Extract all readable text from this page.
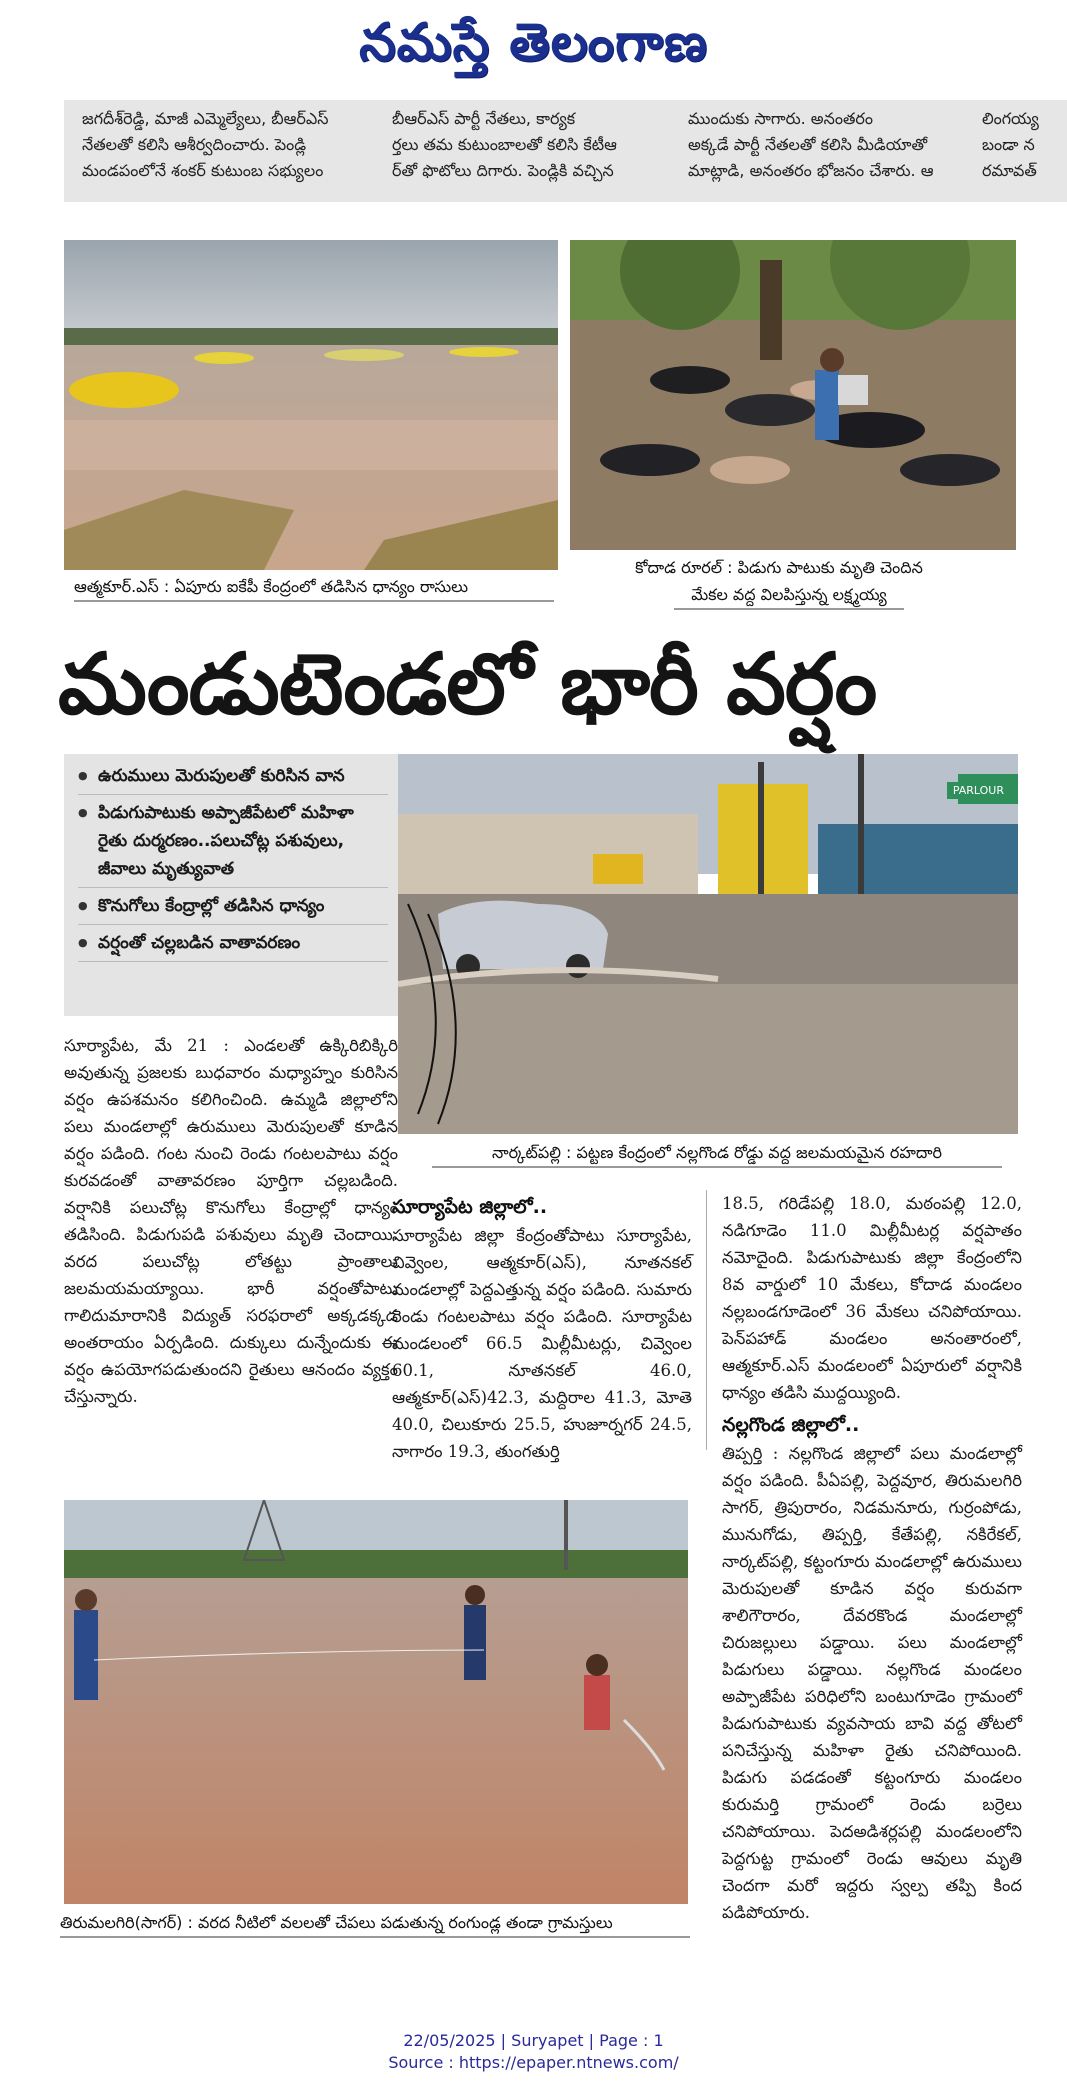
నమస్తే తెలంగాణ

జగదీశ్‌రెడ్డి, మాజీ ఎమ్మెల్యేలు, బీఆర్‌ఎస్

నేతలతో కలిసి ఆశీర్వదించారు. పెండ్లి

మండపంలోనే శంకర్ కుటుంబ సభ్యులం

బీఆర్‌ఎస్ పార్టీ నేతలు, కార్యక

ర్తలు తమ కుటుంబాలతో కలిసి కేటీఆ

ర్‌తో ఫొటోలు దిగారు. పెండ్లికి వచ్చిన

ముందుకు సాగారు. అనంతరం

అక్కడే పార్టీ నేతలతో కలిసి మీడియాతో

మాట్లాడి, అనంతరం భోజనం చేశారు. ఆ

లింగయ్య

బండా న

రమావత్

ఆత్మకూర్.ఎస్ : ఏపూరు ఐకేపీ కేంద్రంలో తడిసిన ధాన్యం రాసులు
కోదాడ రూరల్ : పిడుగు పాటుకు మృతి చెందిన
మేకల వద్ద విలపిస్తున్న లక్ష్మయ్య
మండుటెండలో భారీ వర్షం
● ఉరుములు మెరుపులతో కురిసిన వాన
● పిడుగుపాటుకు అప్పాజీపేటలో మహిళా రైతు దుర్మరణం..పలుచోట్ల పశువులు, జీవాలు మృత్యువాత
● కొనుగోలు కేంద్రాల్లో తడిసిన ధాన్యం
● వర్షంతో చల్లబడిన వాతావరణం
PARLOUR
నార్కట్‌పల్లి : పట్టణ కేంద్రంలో నల్లగొండ రోడ్డు వద్ద జలమయమైన రహదారి

సూర్యాపేట, మే 21 : ఎండలతో ఉక్కిరిబిక్కిరి అవుతున్న ప్రజలకు బుధవారం మధ్యాహ్నం కురిసిన వర్షం ఉపశమనం కలిగించింది. ఉమ్మడి జిల్లాలోని పలు మండలాల్లో ఉరుములు మెరుపులతో కూడిన వర్షం పడింది. గంట నుంచి రెండు గంటలపాటు వర్షం కురవడంతో వాతావరణం పూర్తిగా చల్లబడింది. వర్షానికి పలుచోట్ల కొనుగోలు కేంద్రాల్లో ధాన్యం తడిసింది. పిడుగుపడి పశువులు మృతి చెందాయి. వరద పలుచోట్ల లోతట్టు ప్రాంతాలు జలమయమయ్యాయి. భారీ వర్షంతోపాటు గాలిదుమారానికి విద్యుత్ సరఫరాలో అక్కడక్కడ అంతరాయం ఏర్పడింది. దుక్కులు దున్నేందుకు ఈ వర్షం ఉపయోగపడుతుందని రైతులు ఆనందం వ్యక్తం చేస్తున్నారు.

సూర్యాపేట జిల్లాలో..

సూర్యాపేట జిల్లా కేంద్రంతోపాటు సూర్యాపేట, చివ్వెంల, ఆత్మకూర్(ఎస్), నూతనకల్ మండలాల్లో పెద్దఎత్తున్న వర్షం పడింది. సుమారు రెండు గంటలపాటు వర్షం పడింది. సూర్యాపేట మండలంలో 66.5 మిల్లీమీటర్లు, చివ్వెంల 60.1, నూతనకల్ 46.0, ఆత్మకూర్(ఎస్)42.3, మద్దిరాల 41.3, మోతె 40.0, చిలుకూరు 25.5, హుజూర్నగర్ 24.5, నాగారం 19.3, తుంగతుర్తి

18.5, గరిడేపల్లి 18.0, మఠంపల్లి 12.0, నడిగూడెం 11.0 మిల్లీమీటర్ల వర్షపాతం నమోదైంది. పిడుగుపాటుకు జిల్లా కేంద్రంలోని 8వ వార్డులో 10 మేకలు, కోదాడ మండలం నల్లబండగూడెంలో 36 మేకలు చనిపోయాయి. పెన్‌పహాడ్ మండలం అనంతారంలో, ఆత్మకూర్.ఎస్ మండలంలో ఏపూరులో వర్షానికి ధాన్యం తడిసి ముద్దయ్యింది.

నల్లగొండ జిల్లాలో..

తిప్పర్తి : నల్లగొండ జిల్లాలో పలు మండలాల్లో వర్షం పడింది. పీఏపల్లి, పెద్దవూర, తిరుమలగిరి సాగర్, త్రిపురారం, నిడమనూరు, గుర్రంపోడు, మునుగోడు, తిప్పర్తి, కేతేపల్లి, నకిరేకల్, నార్కట్‌పల్లి, కట్టంగూరు మండలాల్లో ఉరుములు మెరుపులతో కూడిన వర్షం కురువగా శాలిగౌరారం, దేవరకొండ మండలాల్లో చిరుజల్లులు పడ్డాయి. పలు మండలాల్లో పిడుగులు పడ్డాయి. నల్లగొండ మండలం అప్పాజీపేట పరిధిలోని బంటుగూడెం గ్రామంలో పిడుగుపాటుకు వ్యవసాయ బావి వద్ద తోటలో పనిచేస్తున్న మహిళా రైతు చనిపోయింది. పిడుగు పడడంతో కట్టంగూరు మండలం కురుమర్తి గ్రామంలో రెండు బర్రెలు చనిపోయాయి. పెదఅడిశర్లపల్లి మండలంలోని పెద్దగుట్ట గ్రామంలో రెండు ఆవులు మృతి చెందగా మరో ఇద్దరు స్వల్ప తప్పి కింద పడిపోయారు.

తిరుమలగిరి(సాగర్) : వరద నీటిలో వలలతో చేపలు పడుతున్న రంగుండ్ల తండా గ్రామస్తులు
22/05/2025 | Suryapet | Page : 1
Source : https://epaper.ntnews.com/
